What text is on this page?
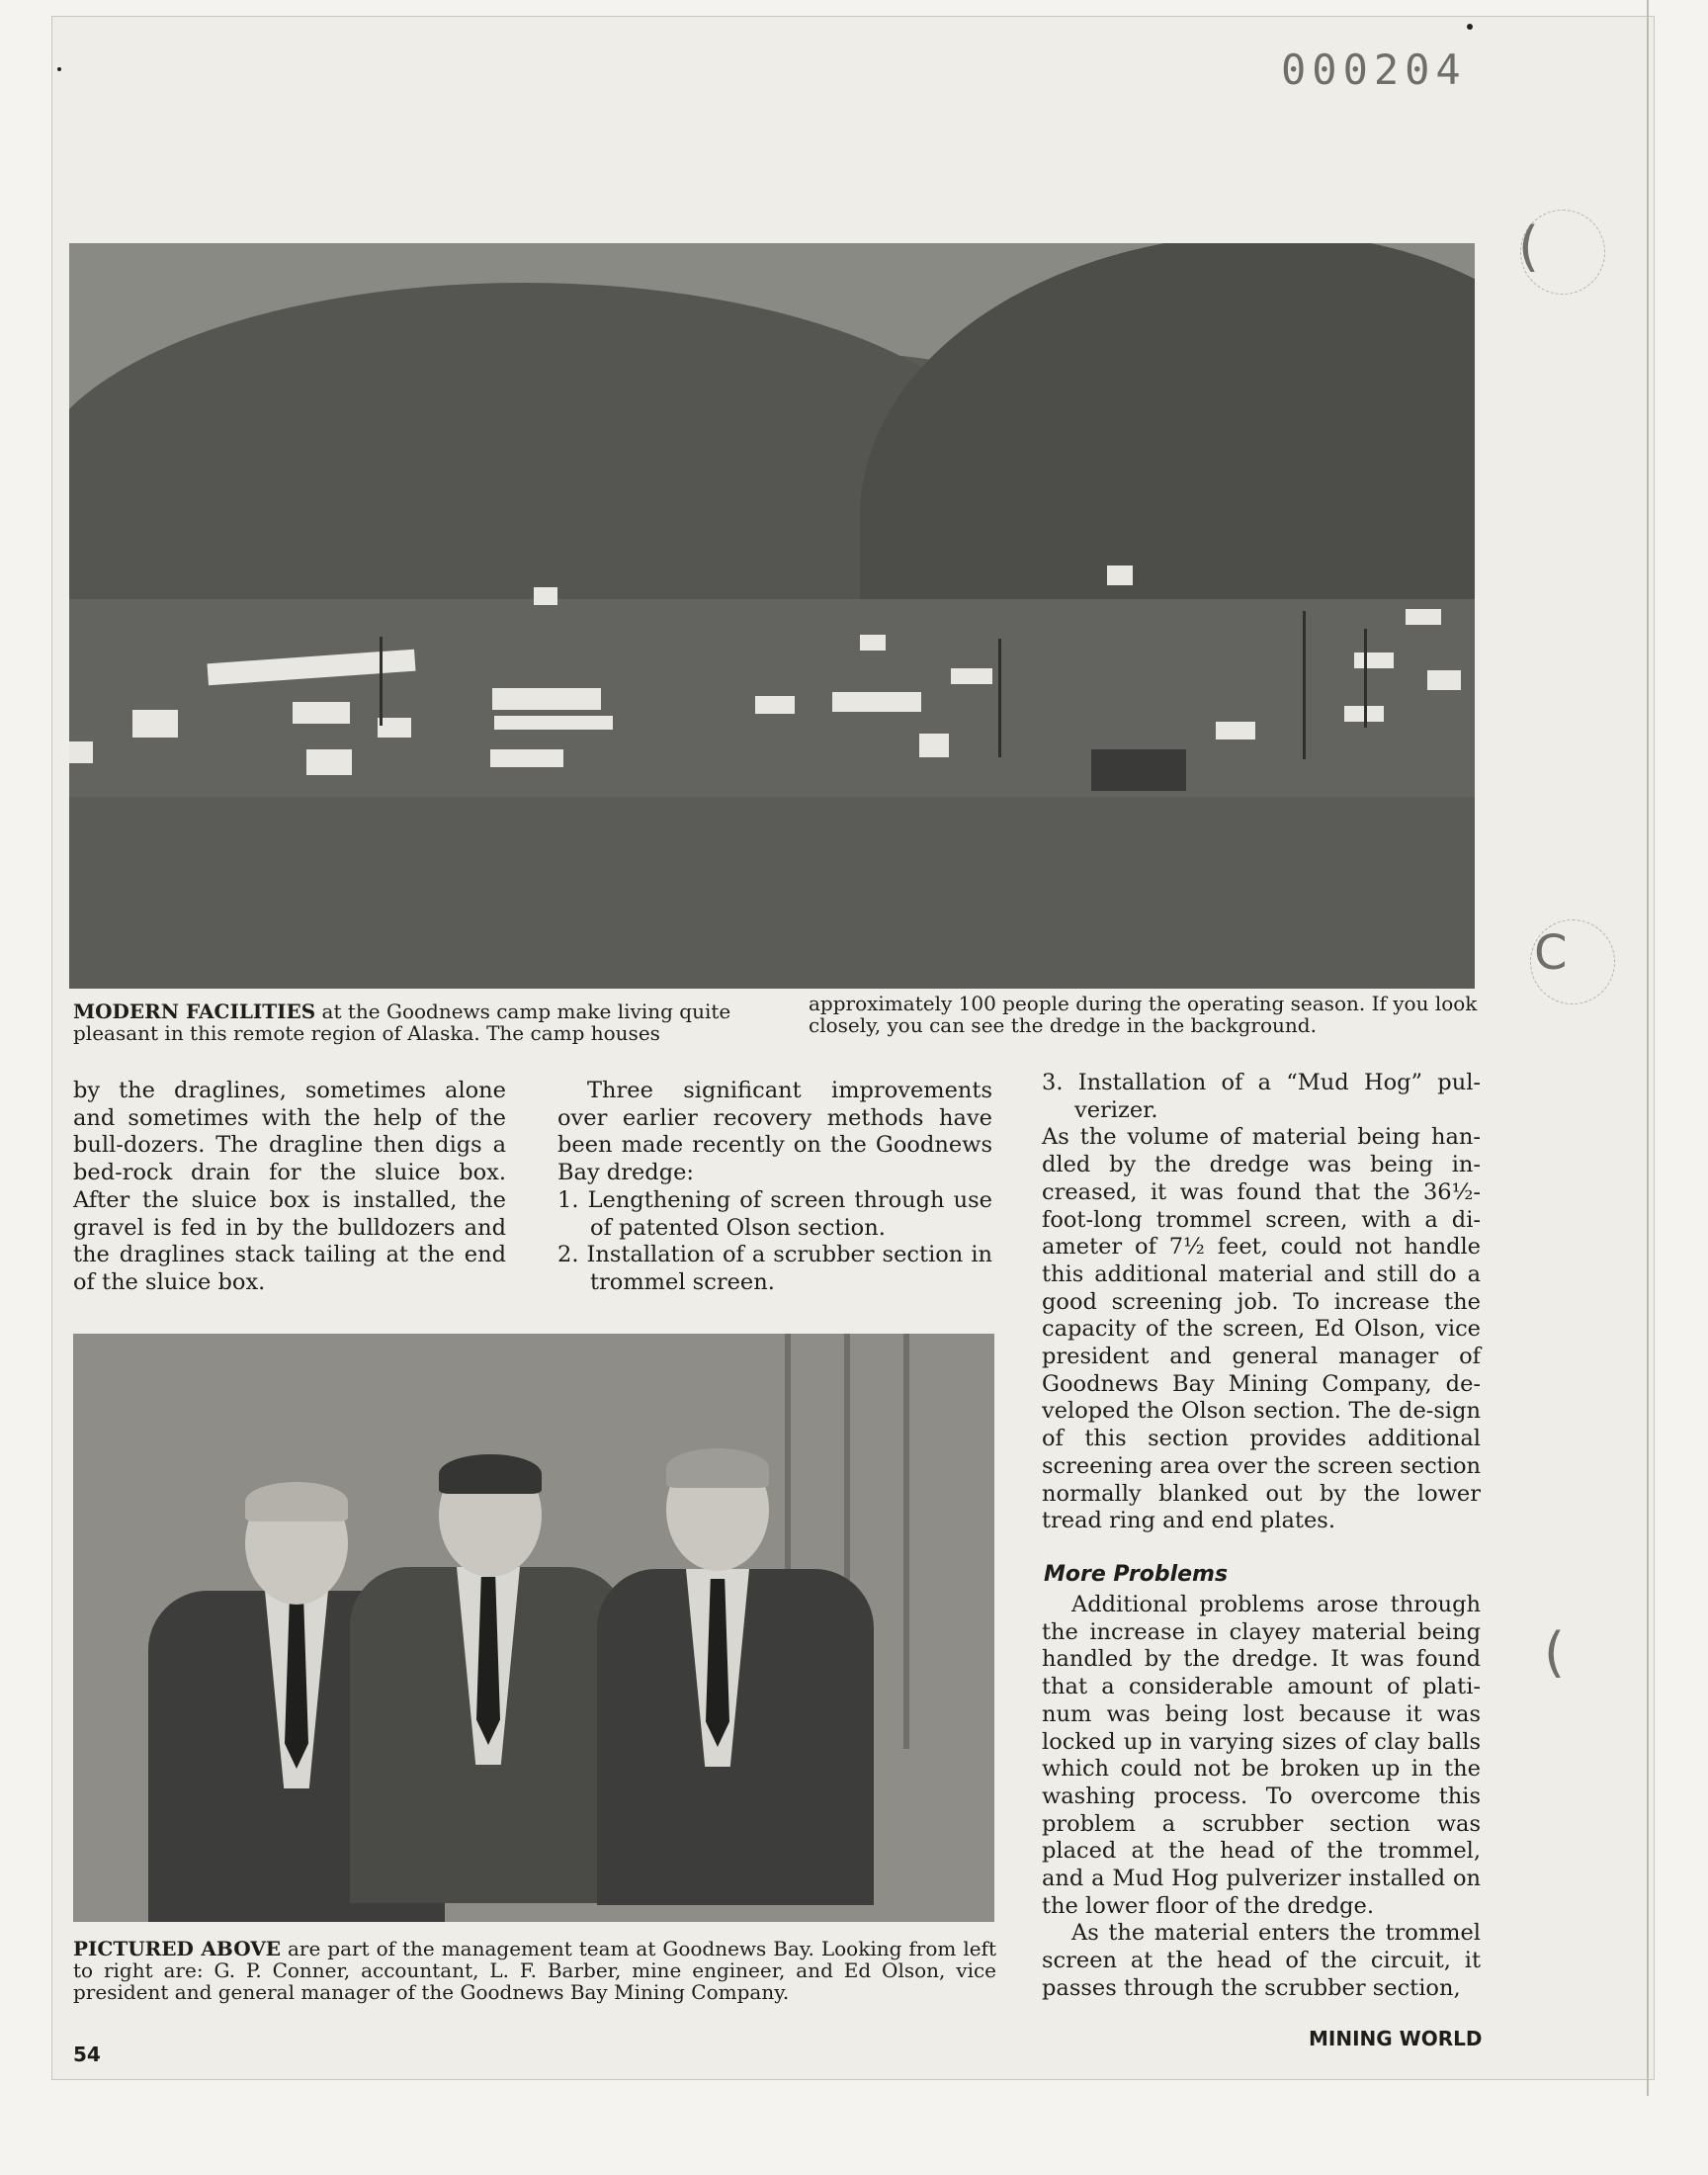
000204
(
C
(
MODERN FACILITIES at the Goodnews camp make living quite pleasant in this remote region of Alaska. The camp houses
approximately 100 people during the operating season. If you look closely, you can see the dredge in the background.

by the draglines, sometimes alone and sometimes with the help of the bull-dozers. The dragline then digs a bed-rock drain for the sluice box. After the sluice box is installed, the gravel is fed in by the bulldozers and the draglines stack tailing at the end of the sluice box.

Three significant improvements over earlier recovery methods have been made recently on the Goodnews Bay dredge:

1. Lengthening of screen through use of patented Olson section.

2. Installation of a scrubber section in trommel screen.

3. Installation of a “Mud Hog” pul-verizer.

As the volume of material being han-dled by the dredge was being in-creased, it was found that the 36½-foot-long trommel screen, with a di-ameter of 7½ feet, could not handle this additional material and still do a good screening job. To increase the capacity of the screen, Ed Olson, vice president and general manager of Goodnews Bay Mining Company, de-veloped the Olson section. The de-sign of this section provides additional screening area over the screen section normally blanked out by the lower tread ring and end plates.

More Problems

Additional problems arose through the increase in clayey material being handled by the dredge. It was found that a considerable amount of plati-num was being lost because it was locked up in varying sizes of clay balls which could not be broken up in the washing process. To overcome this problem a scrubber section was placed at the head of the trommel, and a Mud Hog pulverizer installed on the lower floor of the dredge.

As the material enters the trommel screen at the head of the circuit, it passes through the scrubber section,

PICTURED ABOVE are part of the management team at Goodnews Bay. Looking from left to right are: G. P. Conner, accountant, L. F. Barber, mine engineer, and Ed Olson, vice president and general manager of the Goodnews Bay Mining Company.
54
MINING WORLD
